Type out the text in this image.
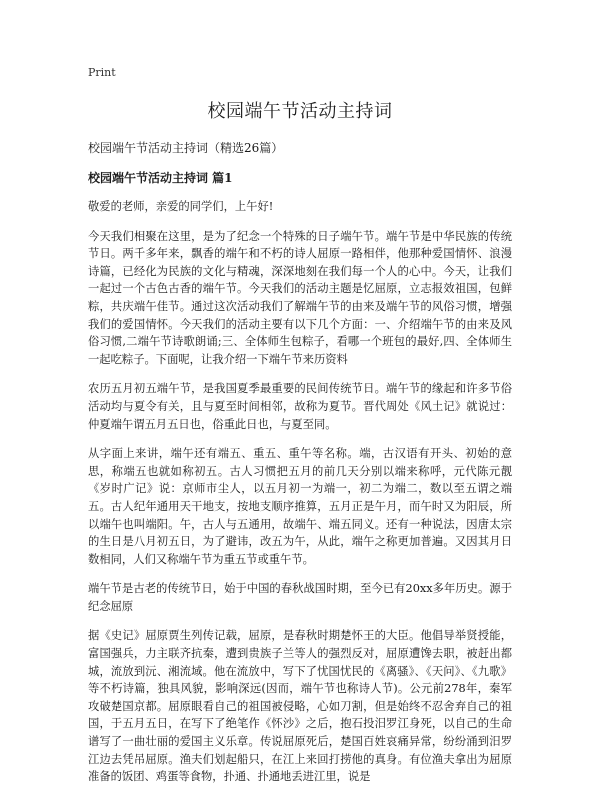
Print
校园端午节活动主持词

校园端午节活动主持词（精选26篇）

校园端午节活动主持词 篇1

敬爱的老师，亲爱的同学们，上午好!

今天我们相聚在这里，是为了纪念一个特殊的日子端午节。端午节是中华民族的传统节日。两千多年来，飘香的端午和不朽的诗人屈原一路相伴，他那种爱国情怀、浪漫诗篇，已经化为民族的文化与精魂，深深地刻在我们每一个人的心中。今天，让我们一起过一个古色古香的端午节。今天我们的活动主题是忆屈原，立志报效祖国，包鲜粽，共庆端午佳节。通过这次活动我们了解端午节的由来及端午节的风俗习惯，增强我们的爱国情怀。今天我们的活动主要有以下几个方面：一、介绍端午节的由来及风俗习惯,二端午节诗歌朗诵;三、全体师生包粽子，看哪一个班包的最好,四、全体师生一起吃粽子。下面呢，让我介绍一下端午节来历资料

农历五月初五端午节，是我国夏季最重要的民间传统节日。端午节的缘起和许多节俗活动均与夏令有关，且与夏至时间相邻，故称为夏节。晋代周处《风土记》就说过：仲夏端午谓五月五日也，俗重此日也，与夏至同。

从字面上来讲，端午还有端五、重五、重午等名称。端，古汉语有开头、初始的意思，称端五也就如称初五。古人习惯把五月的前几天分别以端来称呼，元代陈元靓《岁时广记》说：京师市尘人，以五月初一为端一，初二为端二，数以至五谓之端五。古人纪年通用天干地支，按地支顺序推算，五月正是午月，而午时又为阳辰，所以端午也叫端阳。午，古人与五通用，故端午、端五同义。还有一种说法，因唐太宗的生日是八月初五日，为了避讳，改五为午，从此，端午之称更加普遍。又因其月日数相同，人们又称端午节为重五节或重午节。

端午节是古老的传统节日，始于中国的春秋战国时期，至今已有20xx多年历史。源于纪念屈原

据《史记》屈原贾生列传记载，屈原，是春秋时期楚怀王的大臣。他倡导举贤授能，富国强兵，力主联齐抗秦，遭到贵族子兰等人的强烈反对，屈原遭馋去职，被赶出都城，流放到沅、湘流域。他在流放中，写下了忧国忧民的《离骚》、《天问》、《九歌》等不朽诗篇，独具风貌，影响深远(因而，端午节也称诗人节)。公元前278年，秦军攻破楚国京都。屈原眼看自己的祖国被侵略，心如刀割，但是始终不忍舍弃自己的祖国，于五月五日，在写下了绝笔作《怀沙》之后，抱石投汨罗江身死，以自己的生命谱写了一曲壮丽的爱国主义乐章。传说屈原死后，楚国百姓哀痛异常，纷纷涌到汨罗江边去凭吊屈原。渔夫们划起船只，在江上来回打捞他的真身。有位渔夫拿出为屈原准备的饭团、鸡蛋等食物，扑通、扑通地丢进江里，说是
